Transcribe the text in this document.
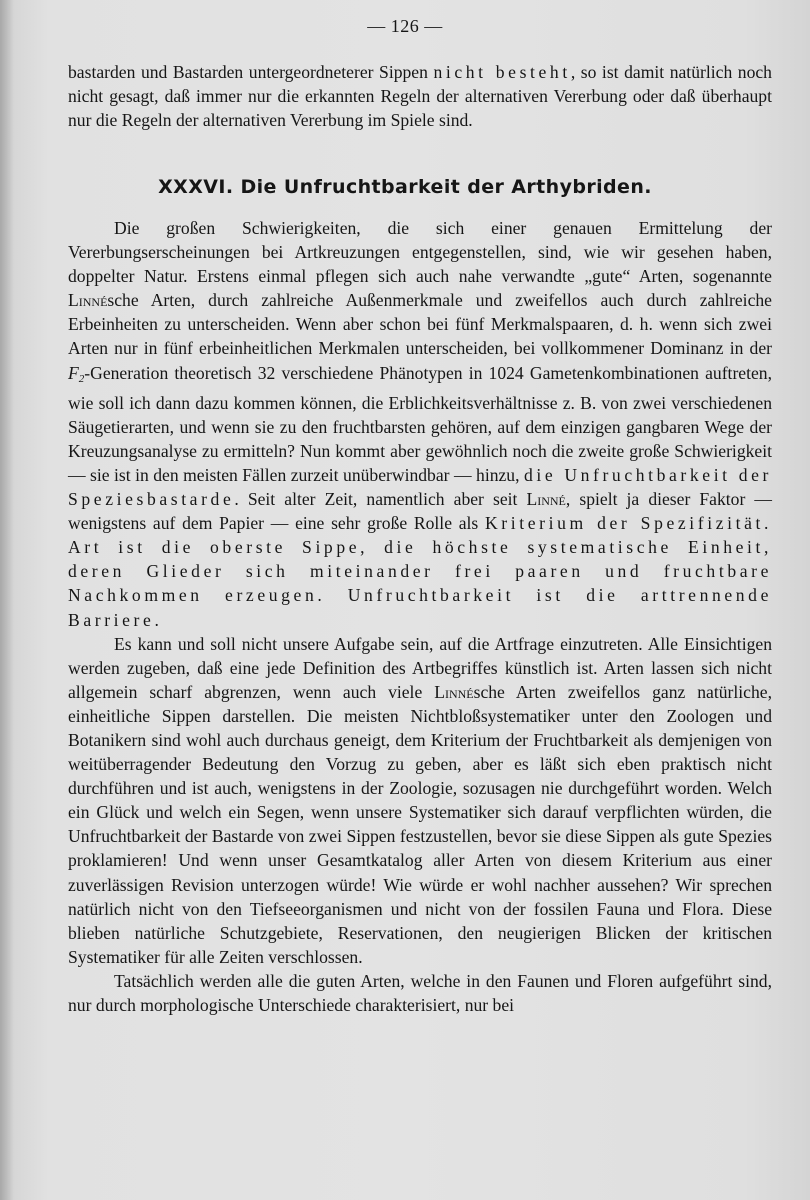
— 126 —

bastarden und Bastarden untergeordneterer Sippen nicht besteht, so ist damit natürlich noch nicht gesagt, daß immer nur die erkannten Regeln der alternativen Vererbung oder daß überhaupt nur die Regeln der alternativen Vererbung im Spiele sind.

XXXVI. Die Unfruchtbarkeit der Arthybriden.

Die großen Schwierigkeiten, die sich einer genauen Ermittelung der Vererbungserscheinungen bei Artkreuzungen entgegenstellen, sind, wie wir gesehen haben, doppelter Natur. Erstens einmal pflegen sich auch nahe verwandte „gute“ Arten, sogenannte Linnésche Arten, durch zahlreiche Außenmerkmale und zweifellos auch durch zahlreiche Erbeinheiten zu unterscheiden. Wenn aber schon bei fünf Merkmalspaaren, d. h. wenn sich zwei Arten nur in fünf erbeinheitlichen Merkmalen unterscheiden, bei vollkommener Dominanz in der $F_2$-Generation theoretisch 32 verschiedene Phänotypen in 1024 Gametenkombinationen auftreten, wie soll ich dann dazu kommen können, die Erblichkeitsverhältnisse z. B. von zwei verschiedenen Säugetierarten, und wenn sie zu den fruchtbarsten gehören, auf dem einzigen gangbaren Wege der Kreuzungsanalyse zu ermitteln? Nun kommt aber gewöhnlich noch die zweite große Schwierigkeit — sie ist in den meisten Fällen zurzeit unüberwindbar — hinzu, die Unfruchtbarkeit der Speziesbastarde. Seit alter Zeit, namentlich aber seit Linné, spielt ja dieser Faktor — wenigstens auf dem Papier — eine sehr große Rolle als Kriterium der Spezifizität. Art ist die oberste Sippe, die höchste systematische Einheit, deren Glieder sich miteinander frei paaren und fruchtbare Nachkommen erzeugen. Unfruchtbarkeit ist die arttrennende Barriere.

Es kann und soll nicht unsere Aufgabe sein, auf die Artfrage einzutreten. Alle Einsichtigen werden zugeben, daß eine jede Definition des Artbegriffes künstlich ist. Arten lassen sich nicht allgemein scharf abgrenzen, wenn auch viele Linnésche Arten zweifellos ganz natürliche, einheitliche Sippen darstellen. Die meisten Nichtbloßsystematiker unter den Zoologen und Botanikern sind wohl auch durchaus geneigt, dem Kriterium der Fruchtbarkeit als demjenigen von weitüberragender Bedeutung den Vorzug zu geben, aber es läßt sich eben praktisch nicht durchführen und ist auch, wenigstens in der Zoologie, sozusagen nie durchgeführt worden. Welch ein Glück und welch ein Segen, wenn unsere Systematiker sich darauf verpflichten würden, die Unfruchtbarkeit der Bastarde von zwei Sippen festzustellen, bevor sie diese Sippen als gute Spezies proklamieren! Und wenn unser Gesamtkatalog aller Arten von diesem Kriterium aus einer zuverlässigen Revision unterzogen würde! Wie würde er wohl nachher aussehen? Wir sprechen natürlich nicht von den Tiefseeorganismen und nicht von der fossilen Fauna und Flora. Diese blieben natürliche Schutzgebiete, Reservationen, den neugierigen Blicken der kritischen Systematiker für alle Zeiten verschlossen.

Tatsächlich werden alle die guten Arten, welche in den Faunen und Floren aufgeführt sind, nur durch morphologische Unterschiede charakterisiert, nur bei
